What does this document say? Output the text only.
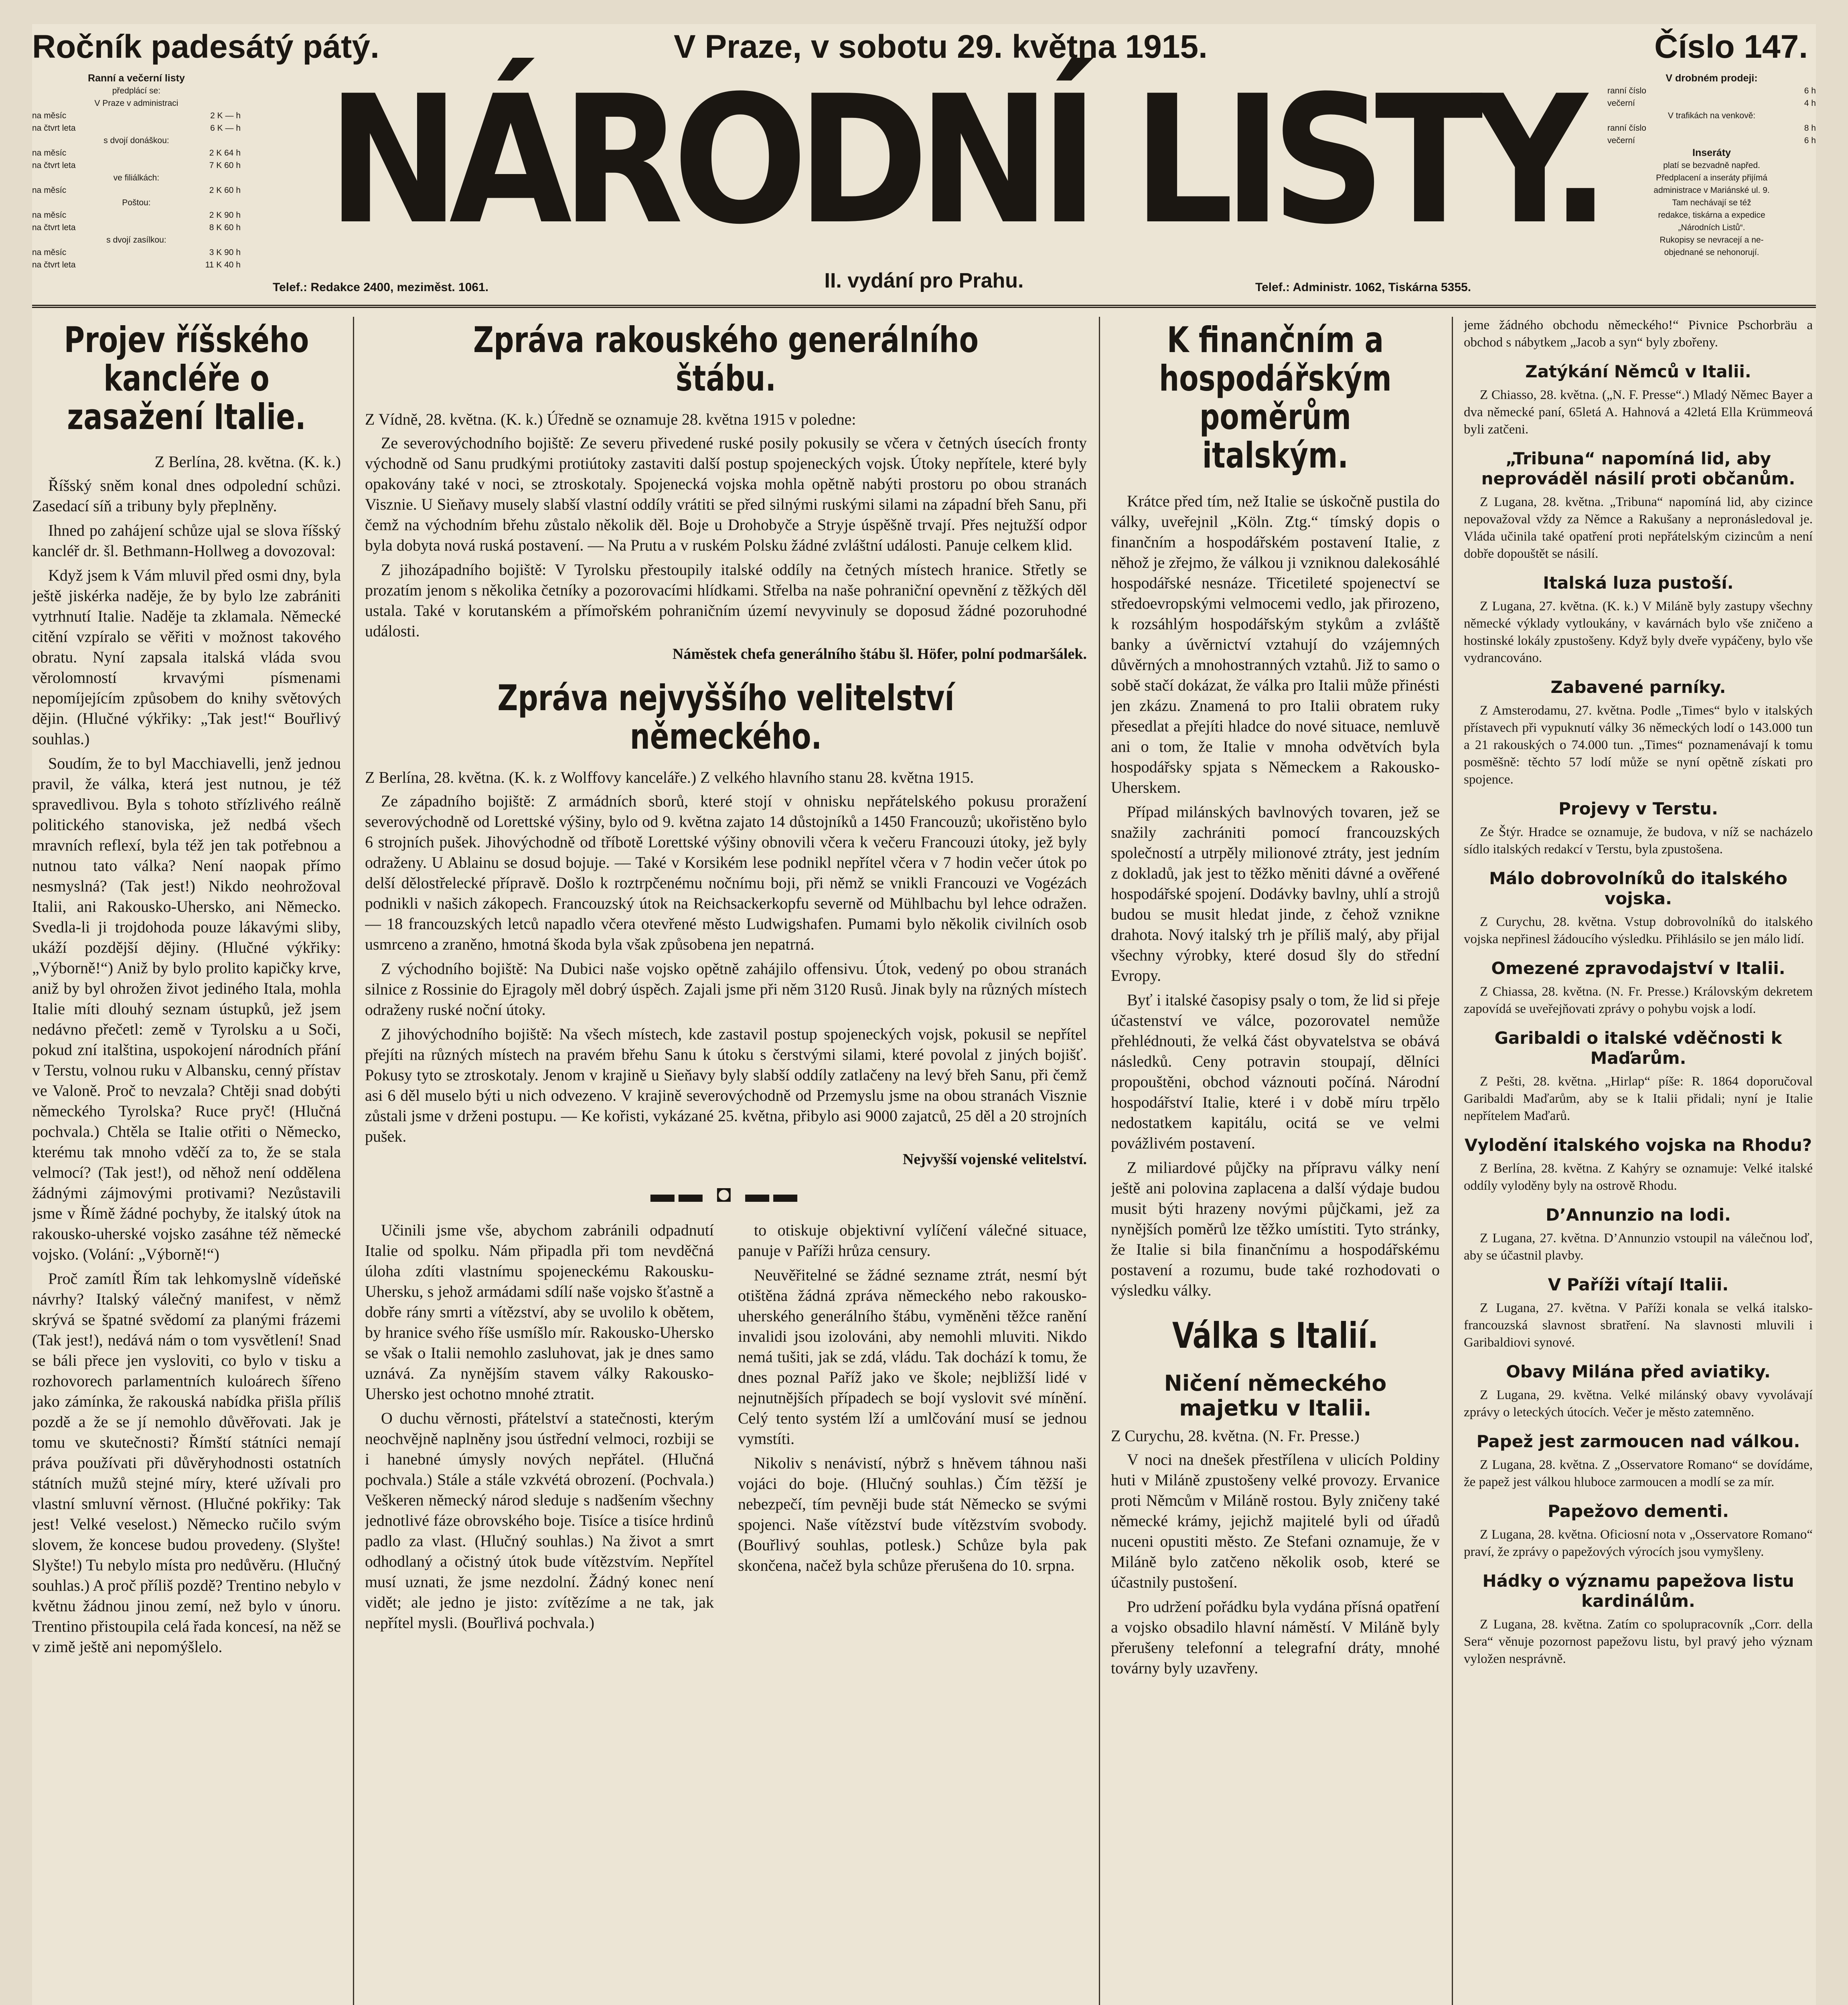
Ročník padesátý pátý.	V Praze, v sobotu 29. května 1915.	Číslo 147.
Ranní a večerní listy
předplácí se:
V Praze v administraci
na měsíc	2 K — h
na čtvrt leta	6 K — h
s dvojí donáškou:
na měsíc	2 K 64 h
na čtvrt leta	7 K 60 h
ve filiálkách:
na měsíc	2 K 60 h
Poštou:
na měsíc	2 K 90 h
na čtvrt leta	8 K 60 h
s dvojí zasílkou:
na měsíc	3 K 90 h
na čtvrt leta	11 K 40 h
NÁRODNÍ LISTY.
Telef.: Redakce 2400, meziměst. 1061.	II. vydání pro Prahu.	Telef.: Administr. 1062, Tiskárna 5355.
V drobném prodeji:
ranní číslo	6 h
večerní	4 h
V trafikách na venkově:
ranní číslo	8 h
večerní	6 h
Inseráty
platí se bezvadně napřed.
Předplacení a inseráty přijímá
administrace v Mariánské ul. 9.
Tam nechávají se též
redakce, tiskárna a expedice
„Národních Listů“.
Rukopisy se nevracejí a ne-
objednané se nehonorují.
Projev říšského kancléře o zasažení Italie.
Z Berlína, 28. května. (K. k.)

Říšský sněm konal dnes odpolední schůzi. Zasedací síň a tribuny byly přeplněny.

Ihned po zahájení schůze ujal se slova říšský kancléř dr. šl. Bethmann-Hollweg a dovozoval:

Když jsem k Vám mluvil před osmi dny, byla ještě jiskérka naděje, že by bylo lze zabrániti vytrhnutí Italie. Naděje ta zklamala. Německé citění vzpíralo se věřiti v možnost takového obratu. Nyní zapsala italská vláda svou věrolomností krvavými písmenami nepomíjejícím způsobem do knihy světových dějin. (Hlučné výkřiky: „Tak jest!“ Bouřlivý souhlas.)

Soudím, že to byl Macchiavelli, jenž jednou pravil, že válka, která jest nutnou, je též spravedlivou. Byla s tohoto střízlivého reálně politického stanoviska, jež nedbá všech mravních reflexí, byla též jen tak potřebnou a nutnou tato válka? Není naopak přímo nesmyslná? (Tak jest!) Nikdo neohrožoval Italii, ani Rakousko-Uhersko, ani Německo. Svedla-li ji trojdohoda pouze lákavými sliby, ukáží pozdější dějiny. (Hlučné výkřiky: „Výborně!“) Aniž by bylo prolito kapičky krve, aniž by byl ohrožen život jediného Itala, mohla Italie míti dlouhý seznam ústupků, jež jsem nedávno přečetl: země v Tyrolsku a u Soči, pokud zní italština, uspokojení národních přání v Terstu, volnou ruku v Albansku, cenný přístav ve Valoně. Proč to nevzala? Chtěji snad dobýti německého Tyrolska? Ruce pryč! (Hlučná pochvala.) Chtěla se Italie otřiti o Německo, kterému tak mnoho vděčí za to, že se stala velmocí? (Tak jest!), od něhož není oddělena žádnými zájmovými protivami? Nezůstavili jsme v Římě žádné pochyby, že italský útok na rakousko-uherské vojsko zasáhne též německé vojsko. (Volání: „Výborně!“)

Proč zamítl Řím tak lehkomyslně vídeňské návrhy? Italský válečný manifest, v němž skrývá se špatné svědomí za planými frázemi (Tak jest!), nedává nám o tom vysvětlení! Snad se báli přece jen vysloviti, co bylo v tisku a rozhovorech parlamentních kuloárech šířeno jako zámínka, že rakouská nabídka přišla příliš pozdě a že se jí nemohlo důvěřovati. Jak je tomu ve skutečnosti? Římští státníci nemají práva používati při důvěryhodnosti ostatních státních mužů stejné míry, které užívali pro vlastní smluvní věrnost. (Hlučné pokřiky: Tak jest! Velké veselost.) Německo ručilo svým slovem, že koncese budou provedeny. (Slyšte! Slyšte!) Tu nebylo místa pro nedůvěru. (Hlučný souhlas.) A proč příliš pozdě? Trentino nebylo v květnu žádnou jinou zemí, než bylo v únoru. Trentino přistoupila celá řada koncesí, na něž se v zimě ještě ani nepomýšlelo.

Zpráva rakouského generálního štábu.
Z Vídně, 28. května. (K. k.) Úředně se oznamuje 28. května 1915 v poledne:

Ze severovýchodního bojiště: Ze severu přivedené ruské posily pokusily se včera v četných úsecích fronty východně od Sanu prudkými protiútoky zastaviti další postup spojeneckých vojsk. Útoky nepřítele, které byly opakovány také v noci, se ztroskotaly. Spojenecká vojska mohla opětně nabýti prostoru po obou stranách Visznie. U Sieňavy musely slabší vlastní oddíly vrátiti se před silnými ruskými silami na západní břeh Sanu, při čemž na východním břehu zůstalo několik děl. Boje u Drohobyče a Stryje úspěšně trvají. Přes nejtužší odpor byla dobyta nová ruská postavení. — Na Prutu a v ruském Polsku žádné zvláštní události. Panuje celkem klid.

Z jihozápadního bojiště: V Tyrolsku přestoupily italské oddíly na četných místech hranice. Střetly se prozatím jenom s několika četníky a pozorovacími hlídkami. Střelba na naše pohraniční opevnění z těžkých děl ustala. Také v korutanském a přímořském pohraničním území nevyvinuly se doposud žádné pozoruhodné události.

Náměstek chefa generálního štábu šl. Höfer, polní podmaršálek.
Zpráva nejvyššího velitelství německého.
Z Berlína, 28. května. (K. k. z Wolffovy kanceláře.) Z velkého hlavního stanu 28. května 1915.

Ze západního bojiště: Z armádních sborů, které stojí v ohnisku nepřátelského pokusu proražení severovýchodně od Lorettské výšiny, bylo od 9. května zajato 14 důstojníků a 1450 Francouzů; ukořistěno bylo 6 strojních pušek. Jihovýchodně od tříbotě Lorettské výšiny obnovili včera k večeru Francouzi útoky, jež byly odraženy. U Ablainu se dosud bojuje. — Také v Korsikém lese podnikl nepřítel včera v 7 hodin večer útok po delší dělostřelecké přípravě. Došlo k roztrpčenému nočnímu boji, při němž se vnikli Francouzi ve Vogézách podnikli v našich zákopech. Francouzský útok na Reichsackerkopfu severně od Mühlbachu byl lehce odražen. — 18 francouzských letců napadlo včera otevřené město Ludwigshafen. Pumami bylo několik civilních osob usmrceno a zraněno, hmotná škoda byla však způsobena jen nepatrná.

Z východního bojiště: Na Dubici naše vojsko opětně zahájilo offensivu. Útok, vedený po obou stranách silnice z Rossinie do Ejragoly měl dobrý úspěch. Zajali jsme při něm 3120 Rusů. Jinak byly na různých místech odraženy ruské noční útoky.

Z jihovýchodního bojiště: Na všech místech, kde zastavil postup spojeneckých vojsk, pokusil se nepřítel přejíti na různých místech na pravém břehu Sanu k útoku s čerstvými silami, které povolal z jiných bojišť. Pokusy tyto se ztroskotaly. Jenom v krajině u Sieňavy byly slabší oddíly zatlačeny na levý břeh Sanu, při čemž asi 6 děl muselo býti u nich odvezeno. V krajině severovýchodně od Przemyslu jsme na obou stranách Visznie zůstali jsme v drženi postupu. — Ke kořisti, vykázané 25. května, přibylo asi 9000 zajatců, 25 děl a 20 strojních pušek.

Nejvyšší vojenské velitelství.
▬▬ ◘ ▬▬

Učinili jsme vše, abychom zabránili odpadnutí Italie od spolku. Nám připadla při tom nevděčná úloha zdíti vlastnímu spojeneckému Rakousku-Uhersku, s jehož armádami sdílí naše vojsko šťastně a dobře rány smrti a vítězství, aby se uvolilo k obětem, by hranice svého říše usmíšlo mír. Rakousko-Uhersko se však o Italii nemohlo zasluhovat, jak je dnes samo uznává. Za nynějším stavem války Rakousko-Uhersko jest ochotno mnohé ztratit.

O duchu věrnosti, přátelství a statečnosti, kterým neochvějně naplněny jsou ústřední velmoci, rozbiji se i hanebné úmysly nových nepřátel. (Hlučná pochvala.) Stále a stále vzkvétá obrození. (Pochvala.) Veškeren německý národ sleduje s nadšením všechny jednotlivé fáze obrovského boje. Tisíce a tisíce hrdinů padlo za vlast. (Hlučný souhlas.) Na život a smrt odhodlaný a očistný útok bude vítězstvím. Nepřítel musí uznati, že jsme nezdolní. Žádný konec není vidět; ale jedno je jisto: zvítězíme a ne tak, jak nepřítel mysli. (Bouřlivá pochvala.)

to otiskuje objektivní vylíčení válečné situace, panuje v Paříži hrůza censury.

Neuvěřitelné se žádné sezname ztrát, nesmí být otištěna žádná zpráva německého nebo rakousko-uherského generálního štábu, vyměněni těžce ranění invalidi jsou izolováni, aby nemohli mluviti. Nikdo nemá tušiti, jak se zdá, vládu. Tak dochází k tomu, že dnes poznal Paříž jako ve škole; nejbližší lidé v nejnutnějších případech se bojí vyslovit své mínění. Celý tento systém lží a umlčování musí se jednou vymstíti.

Nikoliv s nenávistí, nýbrž s hněvem táhnou naši vojáci do boje. (Hlučný souhlas.) Čím těžší je nebezpečí, tím pevněji bude stát Německo se svými spojenci. Naše vítězství bude vítězstvím svobody. (Bouřlivý souhlas, potlesk.) Schůze byla pak skončena, načež byla schůze přerušena do 10. srpna.

K finančním a hospodářským poměrům italským.

Krátce před tím, než Italie se úskočně pustila do války, uveřejnil „Köln. Ztg.“ tímský dopis o finančním a hospodářském postavení Italie, z něhož je zřejmo, že válkou ji vzniknou dalekosáhlé hospodářské nesnáze. Třicetileté spojenectví se středoevropskými velmocemi vedlo, jak přirozeno, k rozsáhlým hospodářským stykům a zvláště banky a úvěrnictví vztahují do vzájemných důvěrných a mnohostranných vztahů. Již to samo o sobě stačí dokázat, že válka pro Italii může přinésti jen zkázu. Znamená to pro Italii obratem ruky přesedlat a přejíti hladce do nové situace, nemluvě ani o tom, že Italie v mnoha odvětvích byla hospodářsky spjata s Německem a Rakousko-Uherskem.

Případ milánských bavlnových tovaren, jež se snažily zachrániti pomocí francouzských společností a utrpěly milionové ztráty, jest jedním z dokladů, jak jest to těžko měniti dávné a ověřené hospodářské spojení. Dodávky bavlny, uhlí a strojů budou se musit hledat jinde, z čehož vznikne drahota. Nový italský trh je příliš malý, aby přijal všechny výrobky, které dosud šly do střední Evropy.

Byť i italské časopisy psaly o tom, že lid si přeje účastenství ve válce, pozorovatel nemůže přehlédnouti, že velká část obyvatelstva se obává následků. Ceny potravin stoupají, dělníci propouštěni, obchod váznouti počíná. Národní hospodářství Italie, které i v době míru trpělo nedostatkem kapitálu, ocitá se ve velmi povážlivém postavení.

Z miliardové půjčky na přípravu války není ještě ani polovina zaplacena a další výdaje budou musit býti hrazeny novými půjčkami, jež za nynějších poměrů lze těžko umístiti. Tyto stránky, že Italie si bila finančnímu a hospodářskému postavení a rozumu, bude také rozhodovati o výsledku války.

Válka s Italií.
Ničení německého majetku v Italii.
Z Curychu, 28. května. (N. Fr. Presse.)

V noci na dnešek přestřílena v ulicích Poldiny huti v Miláně zpustošeny velké provozy. Ervanice proti Němcům v Miláně rostou. Byly zničeny také německé krámy, jejichž majitelé byli od úřadů nuceni opustiti město. Ze Stefani oznamuje, že v Miláně bylo zatčeno několik osob, které se účastnily pustošení.

Pro udržení pořádku byla vydána přísná opatření a vojsko obsadilo hlavní náměstí. V Miláně byly přerušeny telefonní a telegrafní dráty, mnohé továrny byly uzavřeny.

jeme žádného obchodu německého!“ Pivnice Pschorbräu a obchod s nábytkem „Jacob a syn“ byly zbořeny.

Zatýkání Němců v Italii.

Z Chiasso, 28. května. („N. F. Presse“.) Mladý Němec Bayer a dva německé paní, 65letá A. Hahnová a 42letá Ella Krümmeová byli zatčeni.

„Tribuna“ napomíná lid, aby neprováděl násilí proti občanům.

Z Lugana, 28. května. „Tribuna“ napomíná lid, aby cizince nepovažoval vždy za Němce a Rakušany a nepronásledoval je. Vláda učinila také opatření proti nepřátelským cizincům a není dobře dopouštět se násilí.

Italská luza pustoší.

Z Lugana, 27. května. (K. k.) V Miláně byly zastupy všechny německé výklady vytloukány, v kavárnách bylo vše zničeno a hostinské lokály zpustošeny. Když byly dveře vypáčeny, bylo vše vydrancováno.

Zabavené parníky.

Z Amsterodamu, 27. května. Podle „Times“ bylo v italských přístavech při vypuknutí války 36 německých lodí o 143.000 tun a 21 rakouských o 74.000 tun. „Times“ poznamenávají k tomu posměšně: těchto 57 lodí může se nyní opětně získati pro spojence.

Projevy v Terstu.

Ze Štýr. Hradce se oznamuje, že budova, v níž se nacházelo sídlo italských redakcí v Terstu, byla zpustošena.

Málo dobrovolníků do italského vojska.

Z Curychu, 28. května. Vstup dobrovolníků do italského vojska nepřinesl žádoucího výsledku. Přihlásilo se jen málo lidí.

Omezené zpravodajství v Italii.

Z Chiassa, 28. května. (N. Fr. Presse.) Královským dekretem zapovídá se uveřejňovati zprávy o pohybu vojsk a lodí.

Garibaldi o italské vděčnosti k Maďarům.

Z Pešti, 28. května. „Hirlap“ píše: R. 1864 doporučoval Garibaldi Maďarům, aby se k Italii přidali; nyní je Italie nepřítelem Maďarů.

Vylodění italského vojska na Rhodu?

Z Berlína, 28. května. Z Kahýry se oznamuje: Velké italské oddíly vyloděny byly na ostrově Rhodu.

D’Annunzio na lodi.

Z Lugana, 27. května. D’Annunzio vstoupil na válečnou loď, aby se účastnil plavby.

V Paříži vítají Italii.

Z Lugana, 27. května. V Paříži konala se velká italsko-francouzská slavnost sbratření. Na slavnosti mluvili i Garibaldiovi synové.

Obavy Milána před aviatiky.

Z Lugana, 29. května. Velké milánský obavy vyvolávají zprávy o leteckých útocích. Večer je město zatemněno.

Papež jest zarmoucen nad válkou.

Z Lugana, 28. května. Z „Osservatore Romano“ se dovídáme, že papež jest válkou hluboce zarmoucen a modlí se za mír.

Papežovo dementi.

Z Lugana, 28. května. Oficiosní nota v „Osservatore Romano“ praví, že zprávy o papežových výrocích jsou vymyšleny.

Hádky o významu papežova listu kardinálům.

Z Lugana, 28. května. Zatím co spolupracovník „Corr. della Sera“ věnuje pozornost papežovu listu, byl pravý jeho význam vyložen nesprávně.
